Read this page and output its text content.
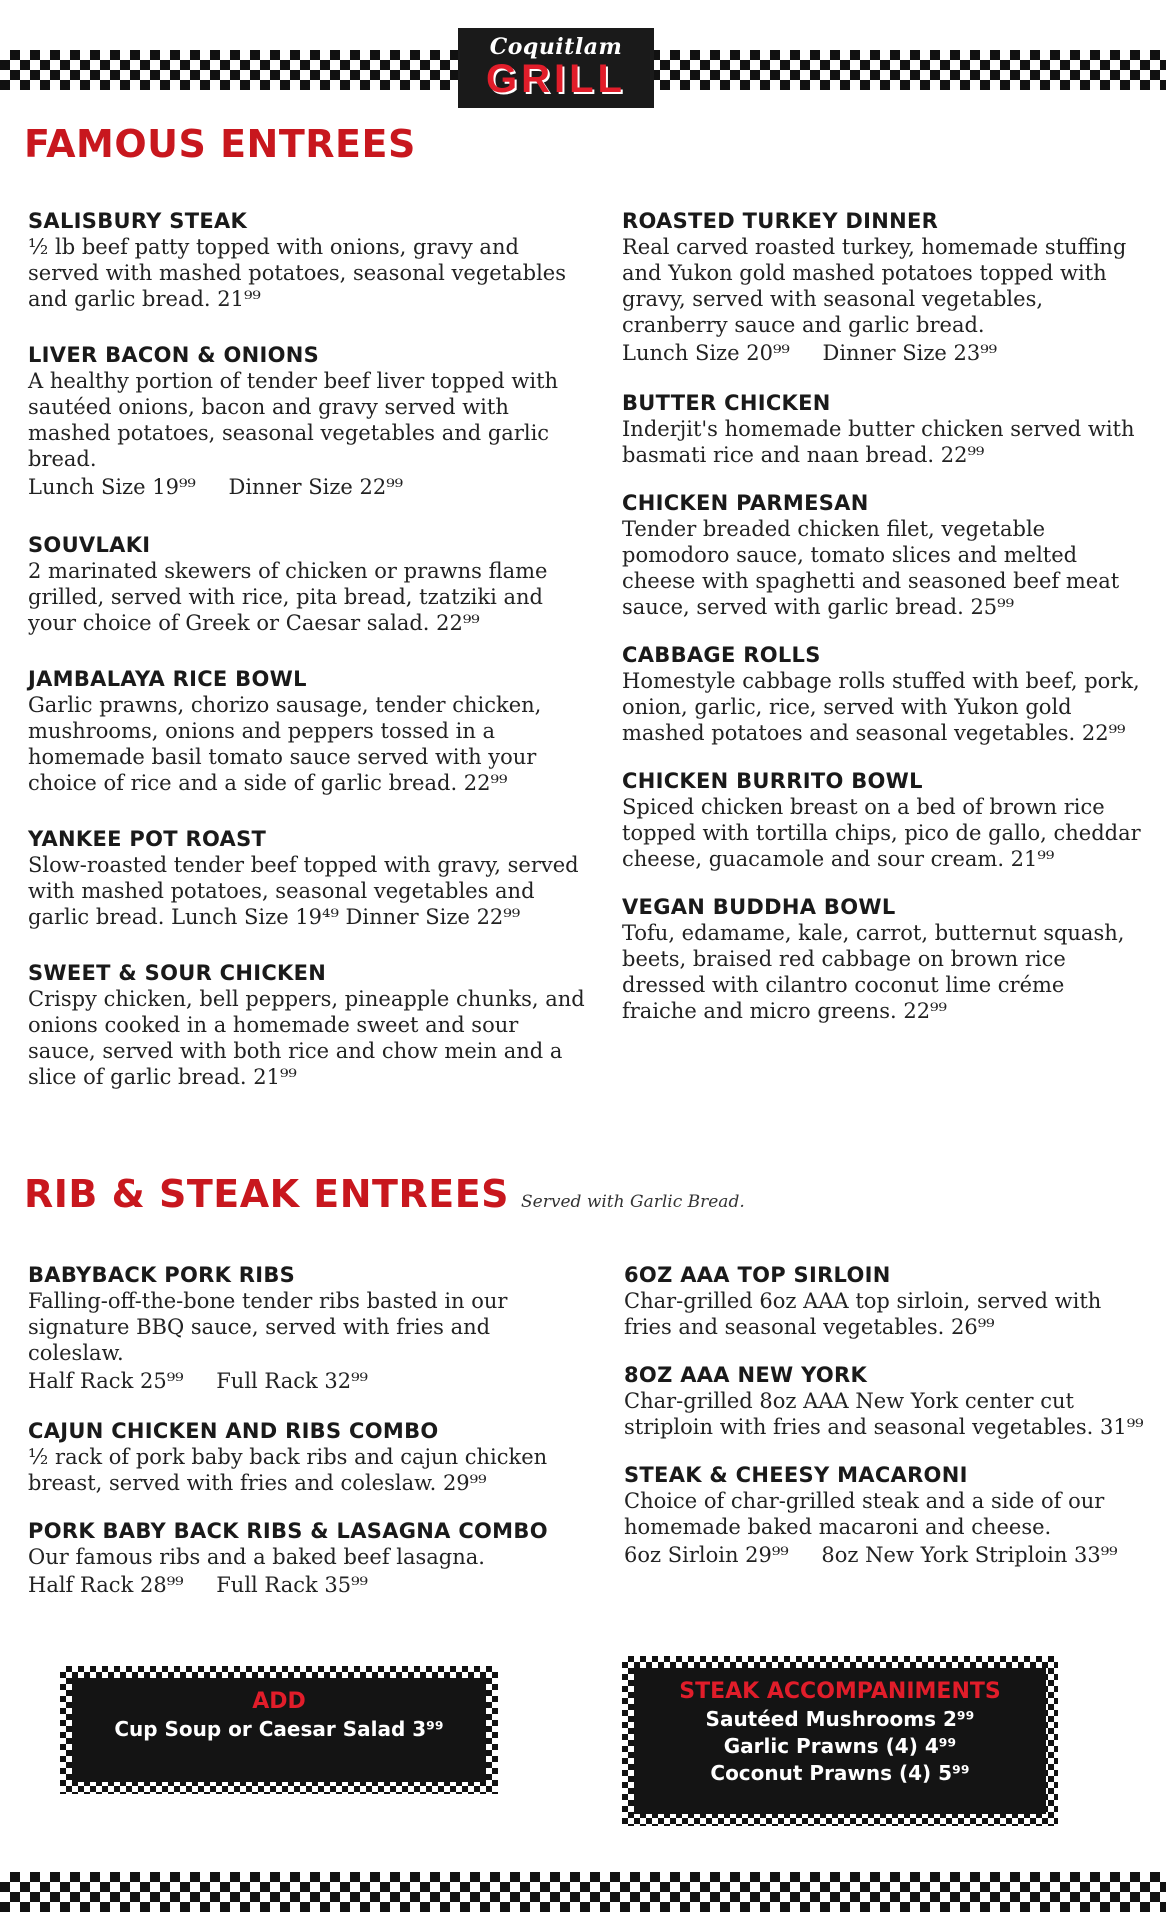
Coquitlam
GRILL
FAMOUS ENTREES
SALISBURY STEAK
½ lb beef patty topped with onions, gravy and served with mashed potatoes, seasonal vegetables and garlic bread. 21⁹⁹
LIVER BACON & ONIONS
A healthy portion of tender beef liver topped with sautéed onions, bacon and gravy served with mashed potatoes, seasonal vegetables and garlic bread.
Lunch Size 19⁹⁹ Dinner Size 22⁹⁹
SOUVLAKI
2 marinated skewers of chicken or prawns flame grilled, served with rice, pita bread, tzatziki and your choice of Greek or Caesar salad. 22⁹⁹
JAMBALAYA RICE BOWL
Garlic prawns, chorizo sausage, tender chicken, mushrooms, onions and peppers tossed in a homemade basil tomato sauce served with your choice of rice and a side of garlic bread. 22⁹⁹
YANKEE POT ROAST
Slow-roasted tender beef topped with gravy, served with mashed potatoes, seasonal vegetables and garlic bread. Lunch Size 19⁴⁹ Dinner Size 22⁹⁹
SWEET & SOUR CHICKEN
Crispy chicken, bell peppers, pineapple chunks, and onions cooked in a homemade sweet and sour sauce, served with both rice and chow mein and a slice of garlic bread. 21⁹⁹
ROASTED TURKEY DINNER
Real carved roasted turkey, homemade stuffing and Yukon gold mashed potatoes topped with gravy, served with seasonal vegetables, cranberry sauce and garlic bread.
Lunch Size 20⁹⁹ Dinner Size 23⁹⁹
BUTTER CHICKEN
Inderjit's homemade butter chicken served with basmati rice and naan bread. 22⁹⁹
CHICKEN PARMESAN
Tender breaded chicken filet, vegetable pomodoro sauce, tomato slices and melted cheese with spaghetti and seasoned beef meat sauce, served with garlic bread. 25⁹⁹
CABBAGE ROLLS
Homestyle cabbage rolls stuffed with beef, pork, onion, garlic, rice, served with Yukon gold mashed potatoes and seasonal vegetables. 22⁹⁹
CHICKEN BURRITO BOWL
Spiced chicken breast on a bed of brown rice topped with tortilla chips, pico de gallo, cheddar cheese, guacamole and sour cream. 21⁹⁹
VEGAN BUDDHA BOWL
Tofu, edamame, kale, carrot, butternut squash, beets, braised red cabbage on brown rice dressed with cilantro coconut lime créme fraiche and micro greens. 22⁹⁹
RIB & STEAK ENTREES Served with Garlic Bread.
BABYBACK PORK RIBS
Falling-off-the-bone tender ribs basted in our signature BBQ sauce, served with fries and coleslaw.
Half Rack 25⁹⁹ Full Rack 32⁹⁹
CAJUN CHICKEN AND RIBS COMBO
½ rack of pork baby back ribs and cajun chicken breast, served with fries and coleslaw. 29⁹⁹
PORK BABY BACK RIBS & LASAGNA COMBO
Our famous ribs and a baked beef lasagna.
Half Rack 28⁹⁹ Full Rack 35⁹⁹
6OZ AAA TOP SIRLOIN
Char-grilled 6oz AAA top sirloin, served with fries and seasonal vegetables. 26⁹⁹
8OZ AAA NEW YORK
Char-grilled 8oz AAA New York center cut striploin with fries and seasonal vegetables. 31⁹⁹
STEAK & CHEESY MACARONI
Choice of char-grilled steak and a side of our homemade baked macaroni and cheese.
6oz Sirloin 29⁹⁹ 8oz New York Striploin 33⁹⁹
ADD
Cup Soup or Caesar Salad 3⁹⁹
STEAK ACCOMPANIMENTS
Sautéed Mushrooms 2⁹⁹
Garlic Prawns (4) 4⁹⁹
Coconut Prawns (4) 5⁹⁹
